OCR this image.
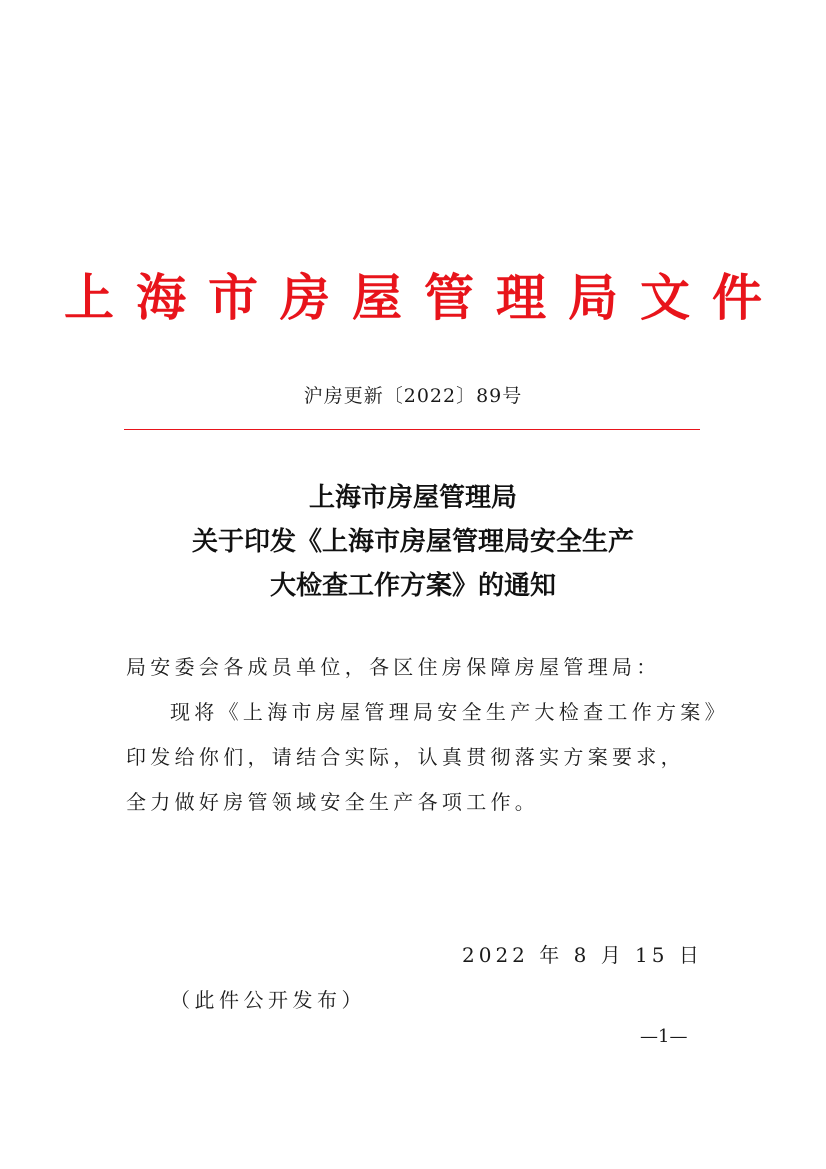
上海市房屋管理局文件
沪房更新〔2022〕89号
上海市房屋管理局
关于印发《上海市房屋管理局安全生产
大检查工作方案》的通知
局安委会各成员单位，各区住房保障房屋管理局：
现将《上海市房屋管理局安全生产大检查工作方案》
印发给你们，请结合实际，认真贯彻落实方案要求，
全力做好房管领域安全生产各项工作。
2022 年 8 月 15 日
（此件公开发布）
—1—
